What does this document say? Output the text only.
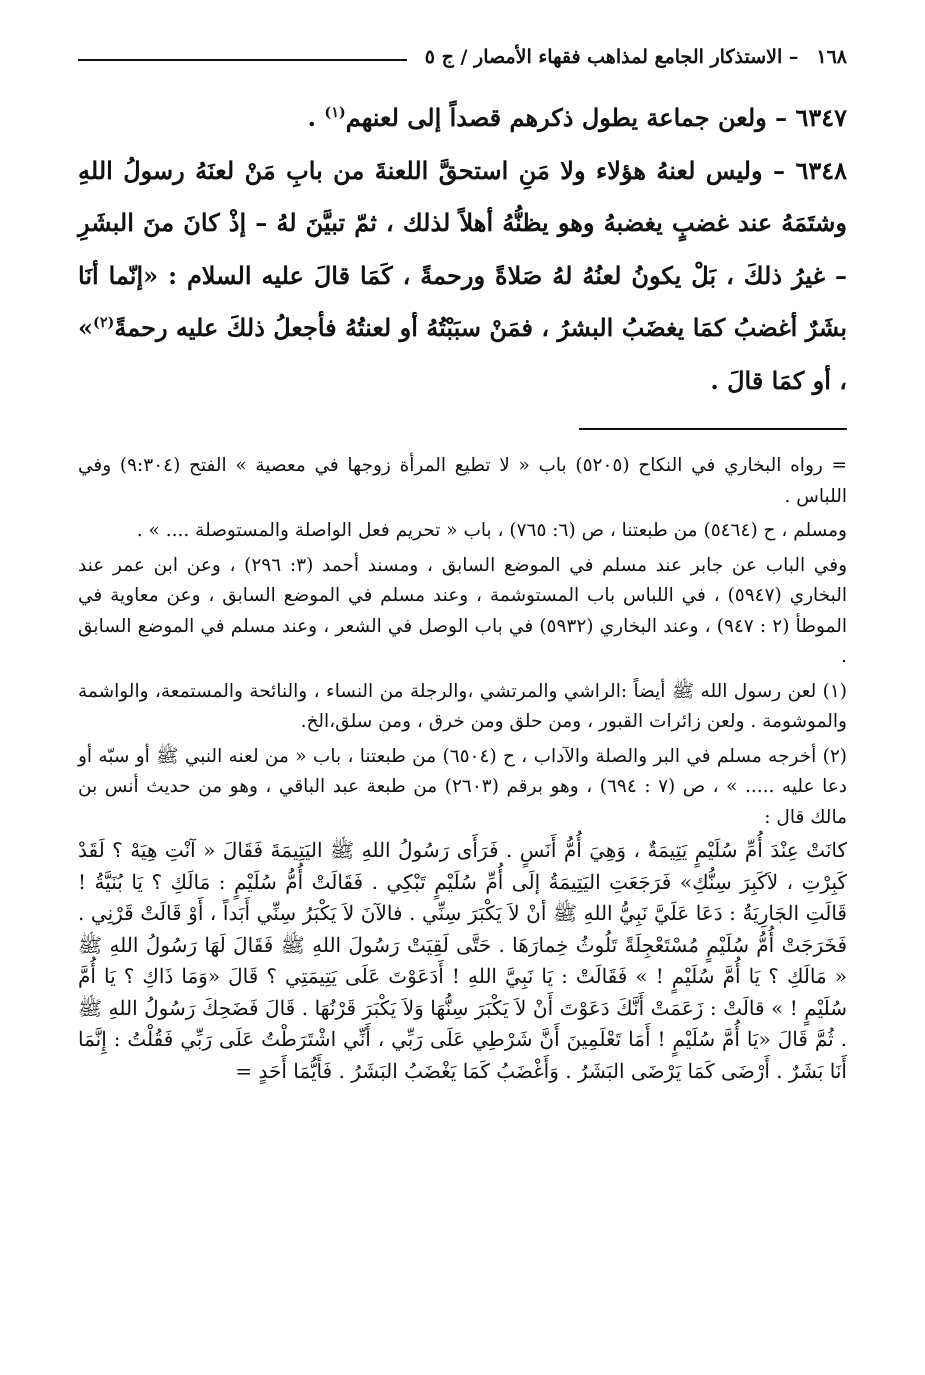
١٦٨
– الاستذكار الجامع لمذاهب فقهاء الأمصار / ج ٥

٦٣٤٧ – ولعن جماعة يطول ذكرهم قصداً إلى لعنهم$^{(١)}$ .

٦٣٤٨ – وليس لعنهُ هؤلاء ولا مَنِ استحقَّ اللعنةَ من بابِ مَنْ لعنَهُ رسولُ اللهِ وشتَمَهُ عند غضبٍ يغضبهُ وهو يظنُّهُ أهلاً لذلك ، ثمّ تبيَّنَ لهُ – إذْ كانَ منَ البشَرِ – غيرُ ذلكَ ، بَلْ يكونُ لعنُهُ لهُ صَلاةً ورحمةً ، كَمَا قالَ عليه السلام : «إنّما أنَا بشَرٌ أغضبُ كمَا يغضَبُ البشرُ ، فمَنْ سبَبْتُهُ أو لعنتُهُ فأجعلُ ذلكَ عليه رحمةً$^{(٢)}$» ، أو كمَا قالَ .

= رواه البخاري في النكاح (٥٢٠٥) باب « لا تطيع المرأة زوجها في معصية » الفتح (٩:٣٠٤) وفي اللباس .

ومسلم ، ح (٥٤٦٤) من طبعتنا ، ص (٦: ٧٦٥) ، باب « تحريم فعل الواصلة والمستوصلة .... » .

وفي الباب عن جابر عند مسلم في الموضع السابق ، ومسند أحمد (٣: ٢٩٦) ، وعن ابن عمر عند البخاري (٥٩٤٧) ، في اللباس باب المستوشمة ، وعند مسلم في الموضع السابق ، وعن معاوية في الموطأ (٢ : ٩٤٧) ، وعند البخاري (٥٩٣٢) في باب الوصل في الشعر ، وعند مسلم في الموضع السابق .

(١) لعن رسول الله ﷺ أيضاً :الراشي والمرتشي ،والرجلة من النساء ، والنائحة والمستمعة، والواشمة والموشومة . ولعن زائرات القبور ، ومن حلق ومن خرق ، ومن سلق،الخ.

(٢) أخرجه مسلم في البر والصلة والآداب ، ح (٦٥٠٤) من طبعتنا ، باب « من لعنه النبي ﷺ أو سبّه أو دعا عليه ..... » ، ص (٧ : ٦٩٤) ، وهو برقم (٢٦٠٣) من طبعة عبد الباقي ، وهو من حديث أنس بن مالك قال :

كانَتْ عِنْدَ أُمِّ سُلَيْمٍ يَتِيمَةٌ ، وَهِيَ أُمُّ أَنَسٍ . فَرَأَى رَسُولُ اللهِ ﷺ اليَتِيمَةَ فَقَالَ « آنْتِ هِيَهْ ؟ لَقَدْ كَبِرْتِ ، لاَكَبِرَ سِنُّكِ» فَرَجَعَتِ اليَتِيمَةُ إلَى أُمِّ سُلَيْمٍ تَبْكِي . فَقَالَتْ أُمُّ سُلَيْمٍ : مَالَكِ ؟ يَا بُنَيَّةُ ! قَالَتِ الجَارِيَةُ : دَعَا عَلَيَّ نَبِيُّ اللهِ ﷺ أنْ لاَ يَكْبَرَ سِنِّي . فالآنَ لاَ يَكْبَرُ سِنِّي أَبَداً ، أَوْ قَالَتْ قَرْنِي . فَخَرَجَتْ أُمُّ سُلَيْمٍ مُسْتَعْجِلَةً تَلُوثُ خِمارَهَا . حَتَّى لَقِيَتْ رَسُولَ اللهِ ﷺ فَقَالَ لَهَا رَسُولُ اللهِ ﷺ « مَالَكِ ؟ يَا أُمَّ سُلَيْمٍ ! » فَقَالَتْ : يَا نَبِيَّ اللهِ ! أَدَعَوْتَ عَلَى يَتِيمَتِي ؟ قَالَ «وَمَا ذَاكِ ؟ يَا أُمَّ سُلَيْمٍ ! » قالَتْ : زَعَمَتْ أَنَّكَ دَعَوْتَ أَنْ لاَ يَكْبَرَ سِنُّهَا وَلاَ يَكْبَرَ قَرْنُهَا . قَالَ فَضَحِكَ رَسُولُ اللهِ ﷺ . ثُمَّ قَالَ «يَا أُمَّ سُلَيْمٍ ! أَمَا تَعْلَمِينَ أَنَّ شَرْطِي عَلَى رَبِّي ، أَنِّي اشْتَرَطْتُ عَلَى رَبِّي فَقُلْتُ : إِنَّمَا أَنَا بَشَرٌ . أَرْضَى كَمَا يَرْضَى البَشَرُ . وَأَغْضَبُ كَمَا يَغْضَبُ البَشَرُ . فَأَيُّمَا أَحَدٍ =
